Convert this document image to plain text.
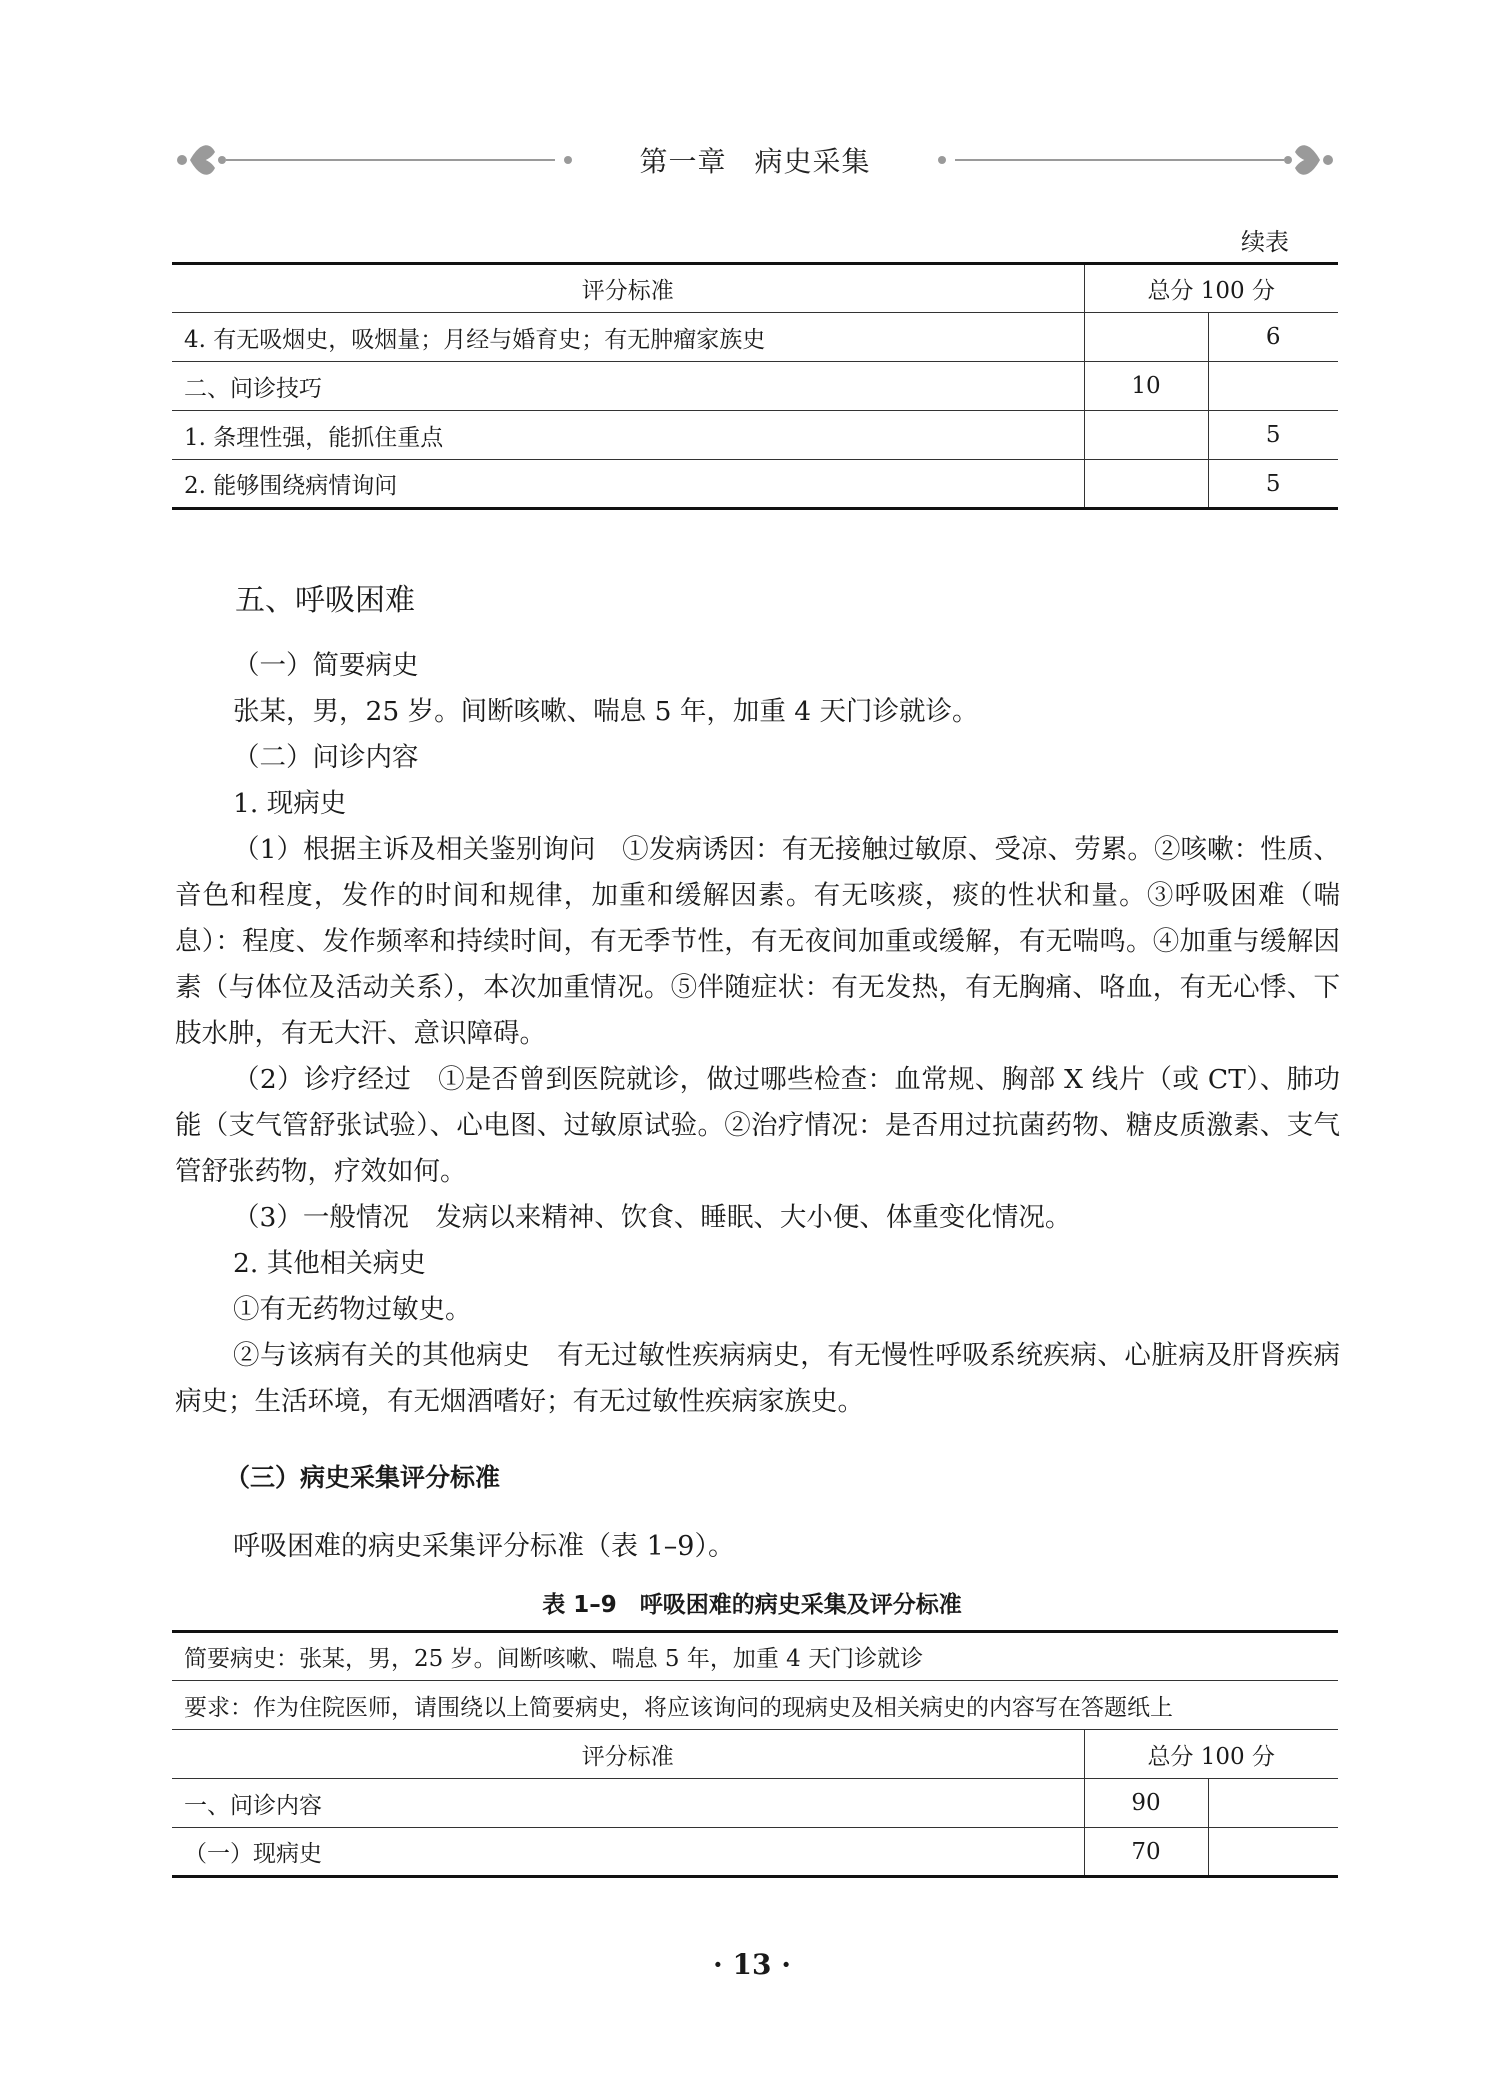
第一章 病史采集
续表
评分标准	总分 100 分	
4. 有无吸烟史，吸烟量；月经与婚育史；有无肿瘤家族史		6
二、问诊技巧	10	
1. 条理性强，能抓住重点		5
2. 能够围绕病情询问		5
五、呼吸困难

（一）简要病史

张某，男，25 岁。间断咳嗽、喘息 5 年，加重 4 天门诊就诊。

（二）问诊内容

1. 现病史

（1）根据主诉及相关鉴别询问　①发病诱因：有无接触过敏原、受凉、劳累。②咳嗽：性质、音色和程度，发作的时间和规律，加重和缓解因素。有无咳痰，痰的性状和量。③呼吸困难（喘息）：程度、发作频率和持续时间，有无季节性，有无夜间加重或缓解，有无喘鸣。④加重与缓解因素（与体位及活动关系），本次加重情况。⑤伴随症状：有无发热，有无胸痛、咯血，有无心悸、下肢水肿，有无大汗、意识障碍。

（2）诊疗经过　①是否曾到医院就诊，做过哪些检查：血常规、胸部 X 线片（或 CT）、肺功能（支气管舒张试验）、心电图、过敏原试验。②治疗情况：是否用过抗菌药物、糖皮质激素、支气管舒张药物，疗效如何。

（3）一般情况　发病以来精神、饮食、睡眠、大小便、体重变化情况。

2. 其他相关病史

①有无药物过敏史。

②与该病有关的其他病史　有无过敏性疾病病史，有无慢性呼吸系统疾病、心脏病及肝肾疾病病史；生活环境，有无烟酒嗜好；有无过敏性疾病家族史。

（三）病史采集评分标准
呼吸困难的病史采集评分标准（表 1–9）。
表 1–9　呼吸困难的病史采集及评分标准
简要病史：张某，男，25 岁。间断咳嗽、喘息 5 年，加重 4 天门诊就诊		
要求：作为住院医师，请围绕以上简要病史，将应该询问的现病史及相关病史的内容写在答题纸上		
评分标准	总分 100 分	
一、问诊内容	90	
（一）现病史	70	
· 13 ·
